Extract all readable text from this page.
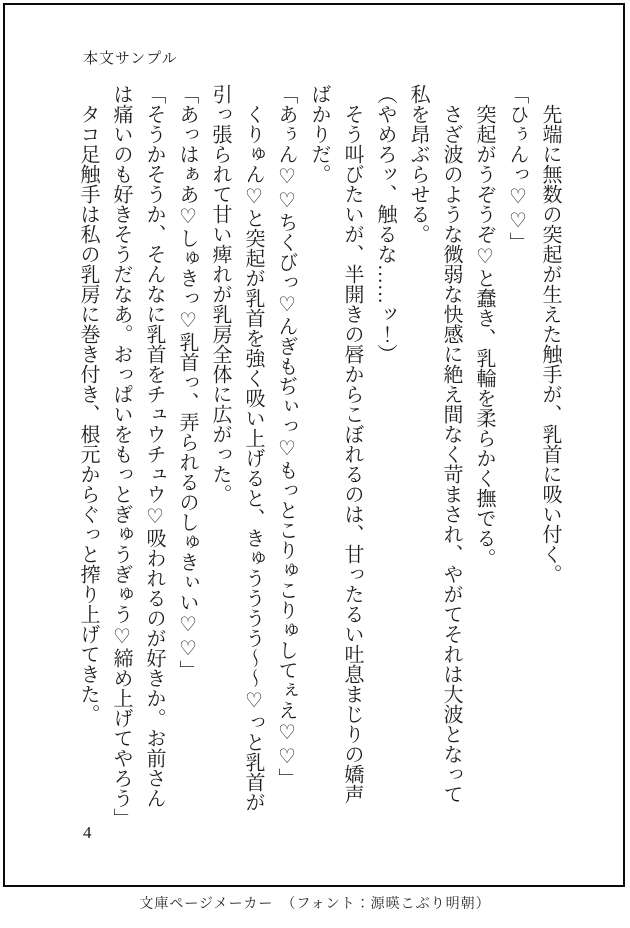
本文サンプル

先端に無数の突起が生えた触手が、乳首に吸い付く。

「ひぅんっ♡♡」

突起がうぞうぞ♡と蠢き、乳輪を柔らかく撫でる。

さざ波のような微弱な快感に絶え間なく苛まされ、やがてそれは大波となって

私を昂ぶらせる。

（やめろッ、触るな……ッ！）

そう叫びたいが、半開きの唇からこぼれるのは、甘ったるい吐息まじりの嬌声

ばかりだ。

「あぅん♡♡ちくびっ♡んぎもぢぃっ♡もっとこりゅこりゅしてぇえ♡♡」

くりゅん♡と突起が乳首を強く吸い上げると、きゅうううう～～♡っと乳首が

引っ張られて甘い痺れが乳房全体に広がった。

「あっはぁあ♡しゅきっ♡乳首っ、弄られるのしゅきぃい♡♡」

「そうかそうか、そんなに乳首をチュウチュウ♡吸われるのが好きか。お前さん

は痛いのも好きそうだなあ。おっぱいをもっとぎゅうぎゅう♡締め上げてやろう」

タコ足触手は私の乳房に巻き付き、根元からぐっと搾り上げてきた。

4
文庫ページメーカー　（フォント：源暎こぶり明朝）
